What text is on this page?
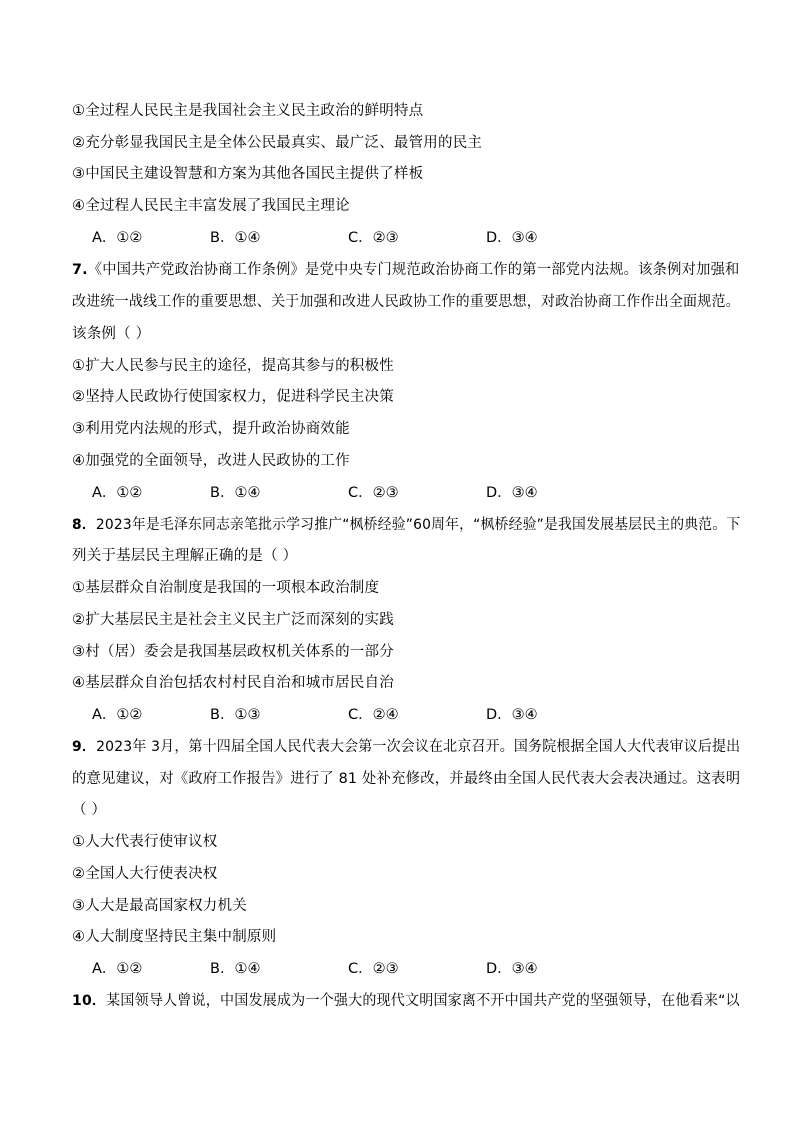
①全过程人民民主是我国社会主义民主政治的鲜明特点
②充分彰显我国民主是全体公民最真实、最广泛、最管用的民主
③中国民主建设智慧和方案为其他各国民主提供了样板
④全过程人民民主丰富发展了我国民主理论
A．①②	B．①④	C．②③	D．③④
7.《中国共产党政治协商工作条例》是党中央专门规范政治协商工作的第一部党内法规。该条例对加强和
改进统一战线工作的重要思想、关于加强和改进人民政协工作的重要思想，对政治协商工作作出全面规范。
该条例（ ）
①扩大人民参与民主的途径，提高其参与的积极性
②坚持人民政协行使国家权力，促进科学民主决策
③利用党内法规的形式，提升政治协商效能
④加强党的全面领导，改进人民政协的工作
A．①②	B．①④	C．②③	D．③④
8．2023年是毛泽东同志亲笔批示学习推广“枫桥经验”60周年，“枫桥经验”是我国发展基层民主的典范。下
列关于基层民主理解正确的是（ ）
①基层群众自治制度是我国的一项根本政治制度
②扩大基层民主是社会主义民主广泛而深刻的实践
③村（居）委会是我国基层政权机关体系的一部分
④基层群众自治包括农村村民自治和城市居民自治
A．①②	B．①③	C．②④	D．③④
9．2023年 3月，第十四届全国人民代表大会第一次会议在北京召开。国务院根据全国人大代表审议后提出
的意见建议，对《政府工作报告》进行了 81 处补充修改，并最终由全国人民代表大会表决通过。这表明
（ ）
①人大代表行使审议权
②全国人大行使表决权
③人大是最高国家权力机关
④人大制度坚持民主集中制原则
A．①②	B．①④	C．②③	D．③④
10．某国领导人曾说，中国发展成为一个强大的现代文明国家离不开中国共产党的坚强领导，在他看来“以
